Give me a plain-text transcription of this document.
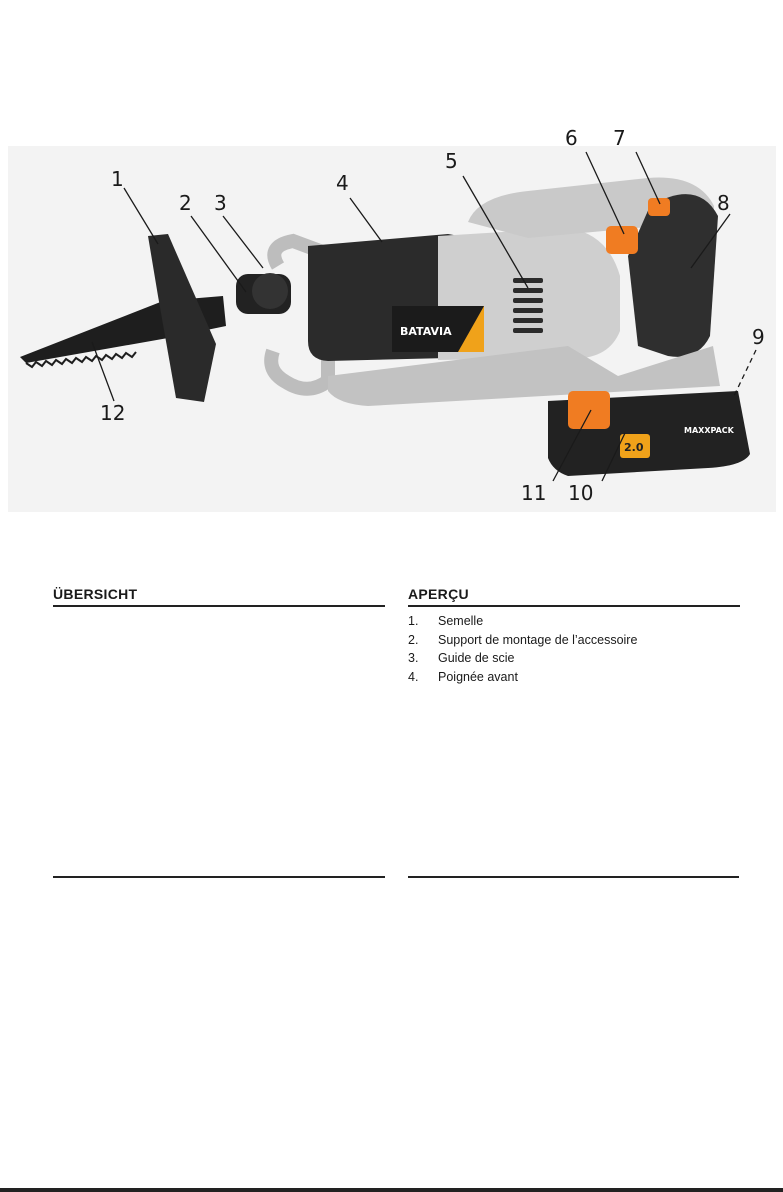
BATAVIA
2.0
MAXXPACK
1
2 3
4
5
8
9
10
11
12
6 7
ÜBERSICHT	APERÇU
1.	Semelle
2.	Support de montage de l’accessoire
3.	Guide de scie
4.	Poignée avant
